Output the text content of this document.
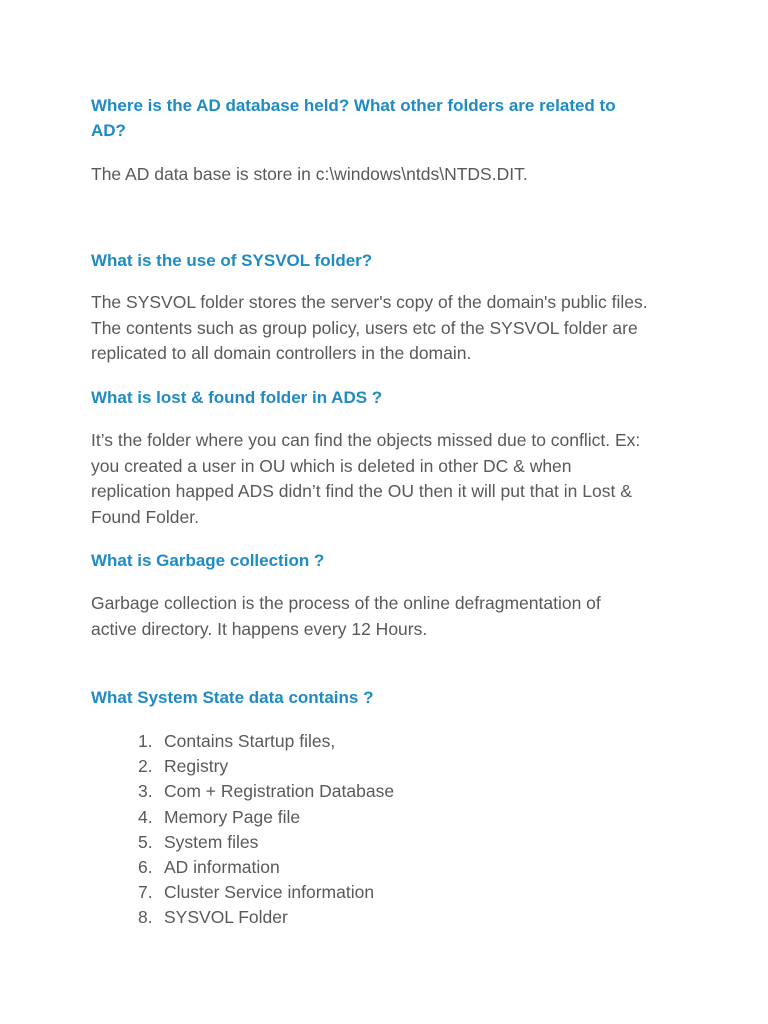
Where is the AD database held? What other folders are related to
AD?

The AD data base is store in c:\windows\ntds\NTDS.DIT.

What is the use of SYSVOL folder?

The SYSVOL folder stores the server's copy of the domain's public files.
The contents such as group policy, users etc of the SYSVOL folder are
replicated to all domain controllers in the domain.

What is lost & found folder in ADS ?

It’s the folder where you can find the objects missed due to conflict. Ex:
you created a user in OU which is deleted in other DC & when
replication happed ADS didn’t find the OU then it will put that in Lost &
Found Folder.

What is Garbage collection ?

Garbage collection is the process of the online defragmentation of
active directory. It happens every 12 Hours.

What System State data contains ?
1. Contains Startup files,
2. Registry
3. Com + Registration Database
4. Memory Page file
5. System files
6. AD information
7. Cluster Service information
8. SYSVOL Folder
